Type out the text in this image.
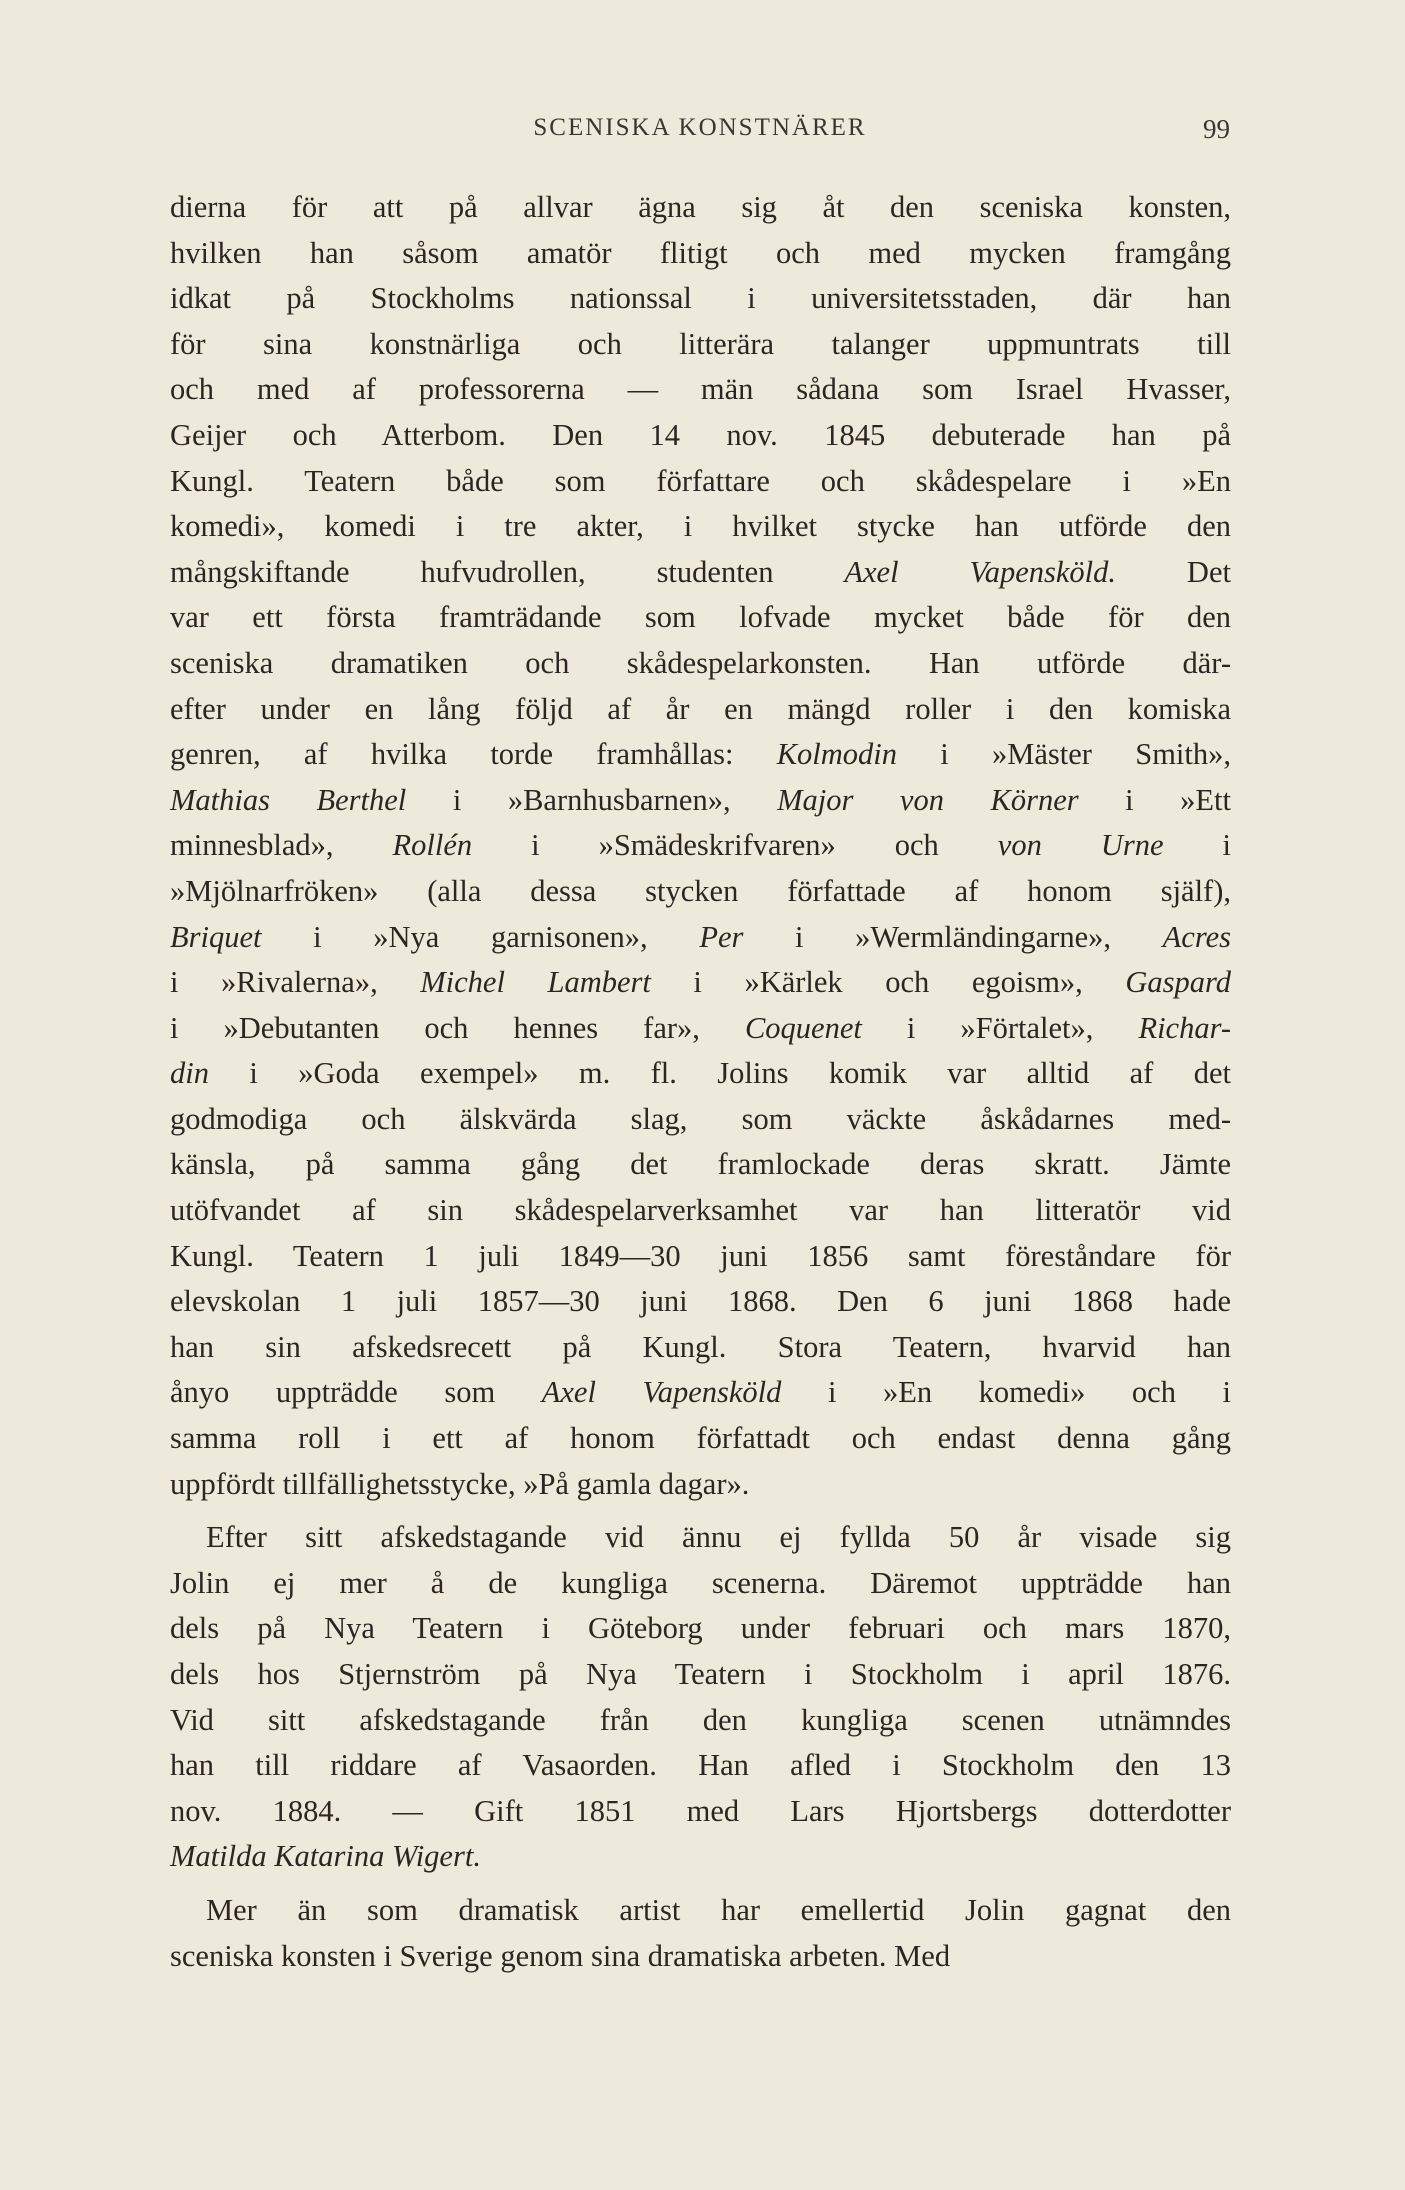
SCENISKA KONSTNÄRER	99
dierna för att på allvar ägna sig åt den sceniska konsten,
hvilken han såsom amatör flitigt och med mycken framgång
idkat på Stockholms nationssal i universitetsstaden, där han
för sina konstnärliga och litterära talanger uppmuntrats till
och med af professorerna — män sådana som Israel Hvasser,
Geijer och Atterbom. Den 14 nov. 1845 debuterade han på
Kungl. Teatern både som författare och skådespelare i »En
komedi», komedi i tre akter, i hvilket stycke han utförde den
mångskiftande hufvudrollen, studenten Axel Vapensköld. Det
var ett första framträdande som lofvade mycket både för den
sceniska dramatiken och skådespelarkonsten. Han utförde där-
efter under en lång följd af år en mängd roller i den komiska
genren, af hvilka torde framhållas: Kolmodin i »Mäster Smith»,
Mathias Berthel i »Barnhusbarnen», Major von Körner i »Ett
minnesblad», Rollén i »Smädeskrifvaren» och von Urne i
»Mjölnarfröken» (alla dessa stycken författade af honom själf),
Briquet i »Nya garnisonen», Per i »Wermländingarne», Acres
i »Rivalerna», Michel Lambert i »Kärlek och egoism», Gaspard
i »Debutanten och hennes far», Coquenet i »Förtalet», Richar-
din i »Goda exempel» m. fl. Jolins komik var alltid af det
godmodiga och älskvärda slag, som väckte åskådarnes med-
känsla, på samma gång det framlockade deras skratt. Jämte
utöfvandet af sin skådespelarverksamhet var han litteratör vid
Kungl. Teatern 1 juli 1849—30 juni 1856 samt föreståndare för
elevskolan 1 juli 1857—30 juni 1868. Den 6 juni 1868 hade
han sin afskedsrecett på Kungl. Stora Teatern, hvarvid han
ånyo uppträdde som Axel Vapensköld i »En komedi» och i
samma roll i ett af honom författadt och endast denna gång
uppfördt tillfällighetsstycke, »På gamla dagar».
Efter sitt afskedstagande vid ännu ej fyllda 50 år visade sig
Jolin ej mer å de kungliga scenerna. Däremot uppträdde han
dels på Nya Teatern i Göteborg under februari och mars 1870,
dels hos Stjernström på Nya Teatern i Stockholm i april 1876.
Vid sitt afskedstagande från den kungliga scenen utnämndes
han till riddare af Vasaorden. Han afled i Stockholm den 13
nov. 1884. — Gift 1851 med Lars Hjortsbergs dotterdotter
Matilda Katarina Wigert.
Mer än som dramatisk artist har emellertid Jolin gagnat den
sceniska konsten i Sverige genom sina dramatiska arbeten. Med
